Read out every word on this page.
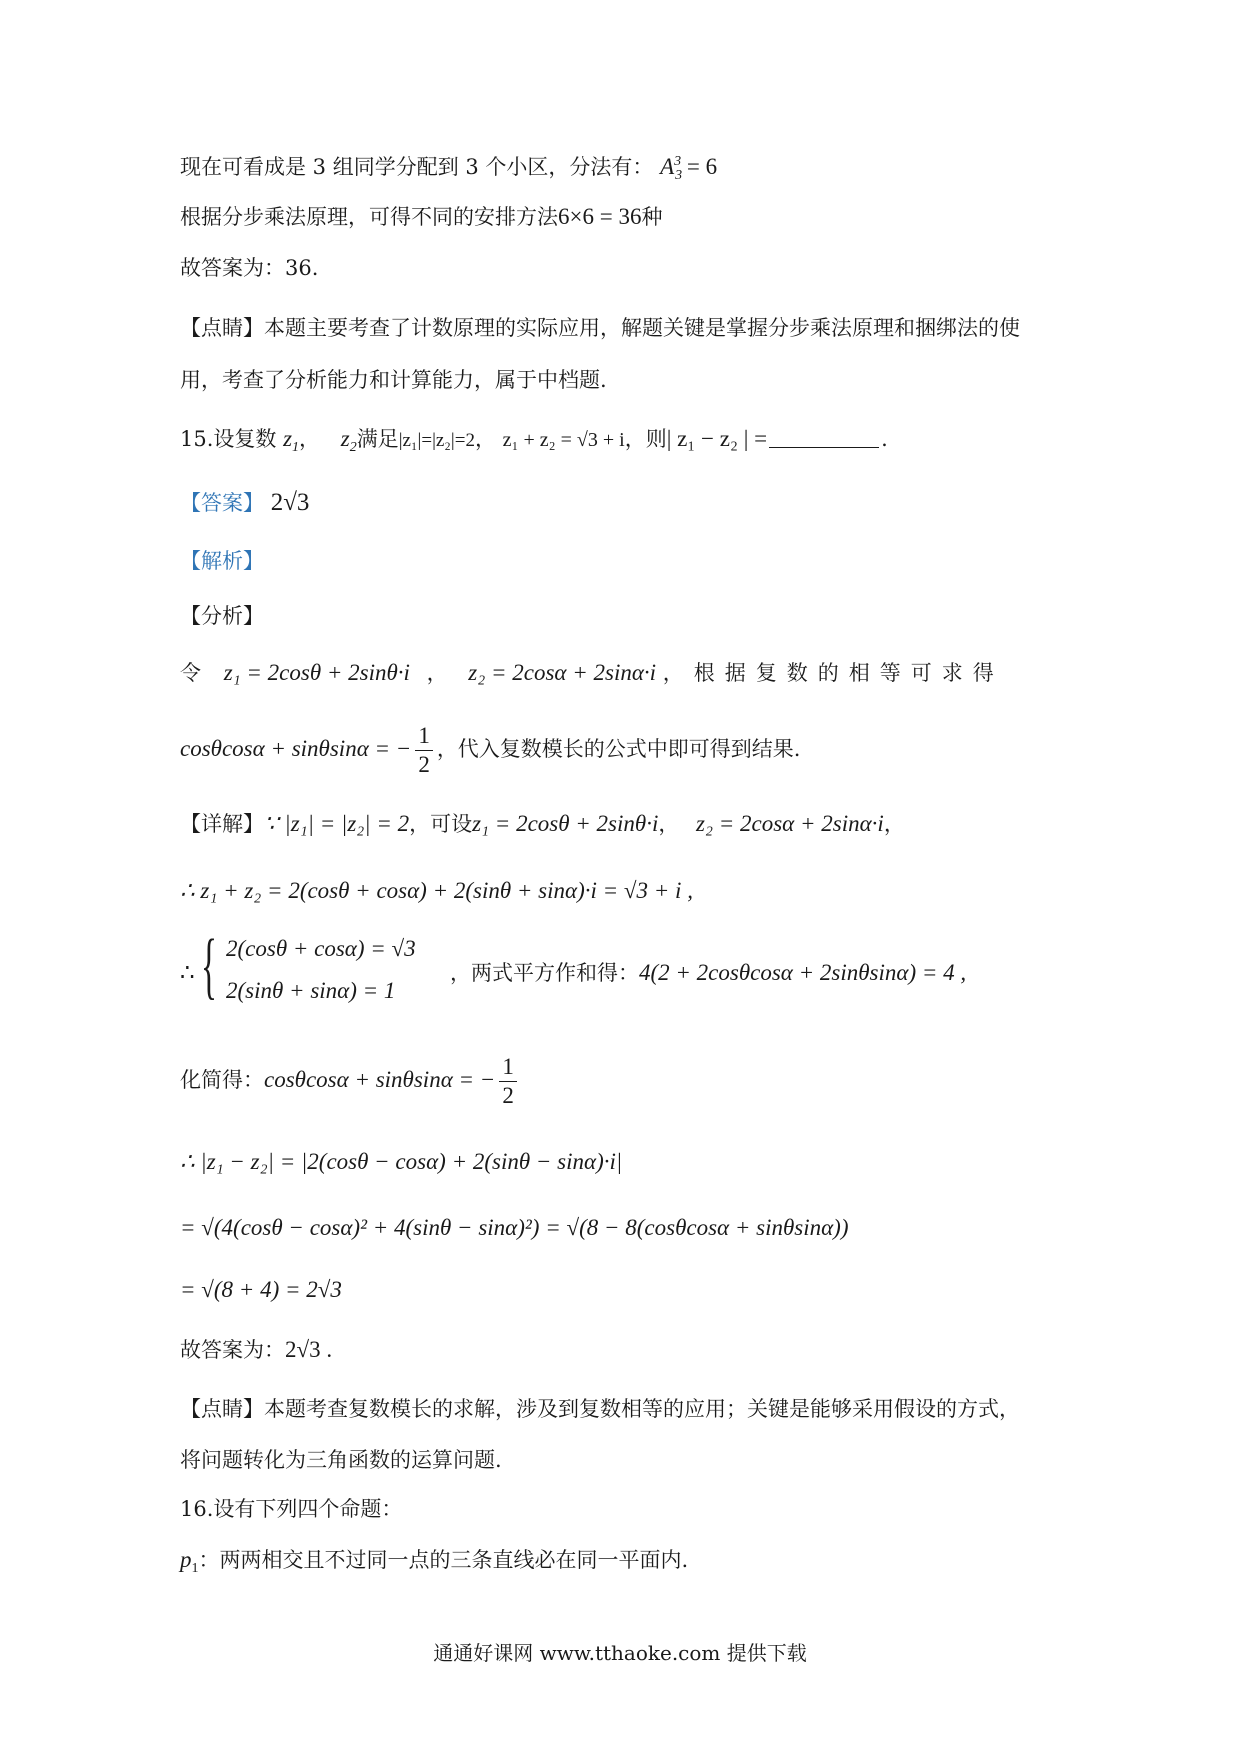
现在可看成是 3 组同学分配到 3 个小区，分法有： $A_3^3 = 6$
根据分步乘法原理，可得不同的安排方法6×6 = 36种
故答案为：36.
【点睛】本题主要考查了计数原理的实际应用，解题关键是掌握分步乘法原理和捆绑法的使
用，考查了分析能力和计算能力，属于中档题.
15.设复数 $z_1$， $z_2$满足|z₁|=|z₂|=2， z₁ + z₂ = √3 + i，则| z₁ − z₂ | =	.
【答案】 2√3
【解析】
【分析】
令 z₁ = 2cosθ + 2sinθ·i ， z₂ = 2cosα + 2sinα·i ，根据复数的相等可求得
cosθcosα + sinθsinα = − $\frac{1}{2}$ ，代入复数模长的公式中即可得到结果.
【详解】∵ |z₁| = |z₂| = 2，可设z₁ = 2cosθ + 2sinθ·i， z₂ = 2cosα + 2sinα·i，
∴ z₁ + z₂ = 2(cosθ + cosα) + 2(sinθ + sinα)·i = √3 + i ,
∴ { 2(cosθ + cosα) = √3
2(sinθ + sinα) = 1
，两式平方作和得：4(2 + 2cosθcosα + 2sinθsinα) = 4 ,
化简得：cosθcosα + sinθsinα = − $\frac{1}{2}$
∴ |z₁ − z₂| = |2(cosθ − cosα) + 2(sinθ − sinα)·i|
= √(4(cosθ − cosα)² + 4(sinθ − sinα)²) = √(8 − 8(cosθcosα + sinθsinα))
= √(8 + 4) = 2√3
故答案为：2√3 .
【点睛】本题考查复数模长的求解，涉及到复数相等的应用；关键是能够采用假设的方式，
将问题转化为三角函数的运算问题.
16.设有下列四个命题：
$p_1$：两两相交且不过同一点的三条直线必在同一平面内.
通通好课网 www.tthaoke.com 提供下载
